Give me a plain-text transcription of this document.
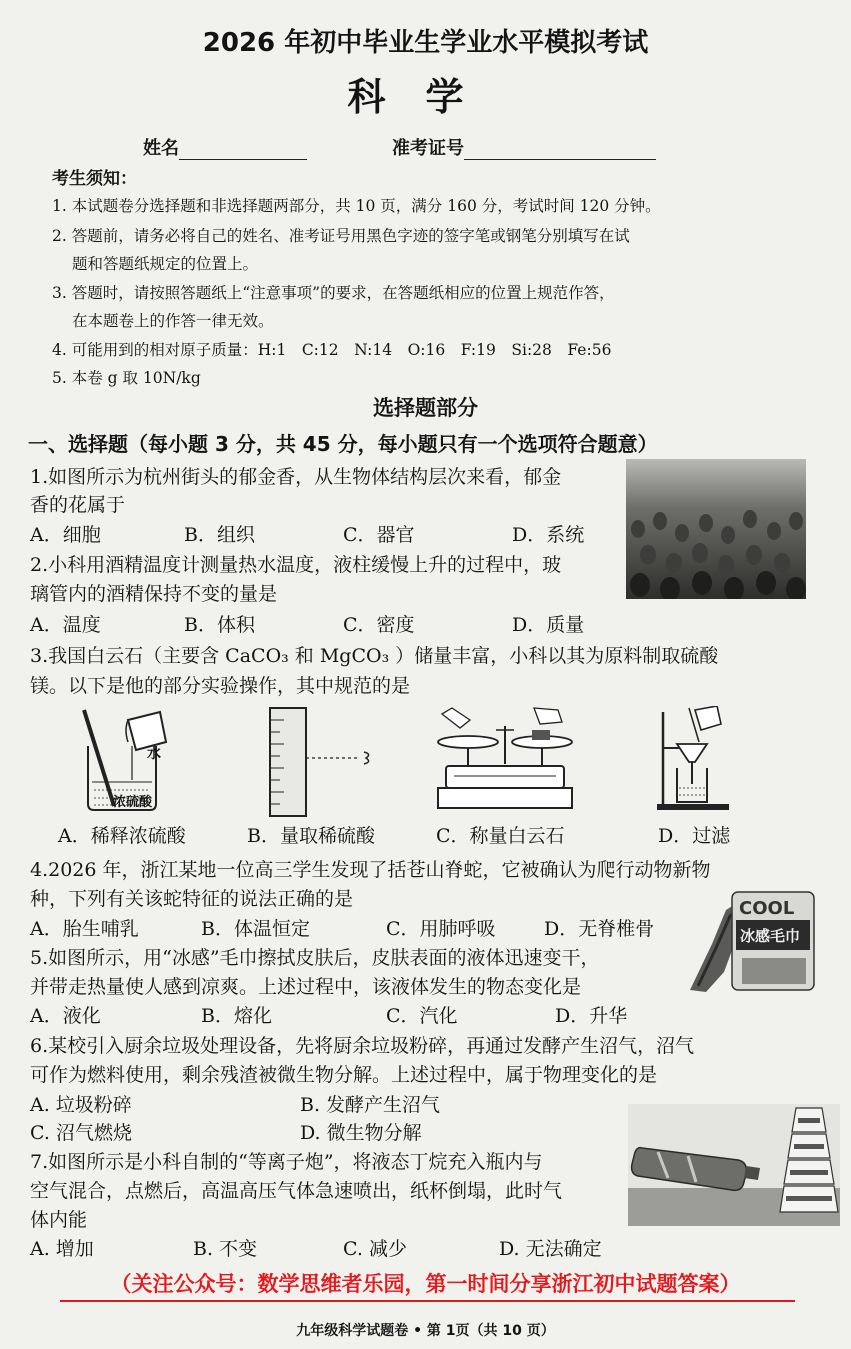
2026 年初中毕业生学业水平模拟考试
科学
姓名	准考证号
考生须知：
1. 本试题卷分选择题和非选择题两部分，共 10 页，满分 160 分，考试时间 120 分钟。
2. 答题前，请务必将自己的姓名、准考证号用黑色字迹的签字笔或钢笔分别填写在试
题和答题纸规定的位置上。
3. 答题时，请按照答题纸上“注意事项”的要求，在答题纸相应的位置上规范作答，
在本题卷上的作答一律无效。
4. 可能用到的相对原子质量：H:1　C:12　N:14　O:16　F:19　Si:28　Fe:56
5. 本卷 g 取 10N/kg
选择题部分
一、选择题（每小题 3 分，共 45 分，每小题只有一个选项符合题意）
1.如图所示为杭州街头的郁金香，从生物体结构层次来看，郁金
香的花属于
A．细胞	B．组织	C．器官	D．系统
2.小科用酒精温度计测量热水温度，液柱缓慢上升的过程中，玻
璃管内的酒精保持不变的量是
A．温度	B．体积	C．密度	D．质量
3.我国白云石（主要含 CaCO₃ 和 MgCO₃ ）储量丰富，小科以其为原料制取硫酸
镁。以下是他的部分实验操作，其中规范的是
水
浓硫酸
A．稀释浓硫酸	B．量取稀硫酸	C．称量白云石	D．过滤
4.2026 年，浙江某地一位高三学生发现了括苍山脊蛇，它被确认为爬行动物新物
种，下列有关该蛇特征的说法正确的是
A．胎生哺乳	B．体温恒定	C．用肺呼吸	D．无脊椎骨
COOL
冰感毛巾
5.如图所示，用“冰感”毛巾擦拭皮肤后，皮肤表面的液体迅速变干，
并带走热量使人感到凉爽。上述过程中，该液体发生的物态变化是
A．液化	B．熔化	C．汽化	D．升华
6.某校引入厨余垃圾处理设备，先将厨余垃圾粉碎，再通过发酵产生沼气，沼气
可作为燃料使用，剩余残渣被微生物分解。上述过程中，属于物理变化的是
A. 垃圾粉碎	B. 发酵产生沼气
C. 沼气燃烧	D. 微生物分解
7.如图所示是小科自制的“等离子炮”，将液态丁烷充入瓶内与
空气混合，点燃后，高温高压气体急速喷出，纸杯倒塌，此时气
体内能
A. 增加	B. 不变	C. 减少	D. 无法确定
（关注公众号：数学思维者乐园，第一时间分享浙江初中试题答案）
九年级科学试题卷 • 第 1页（共 10 页）
